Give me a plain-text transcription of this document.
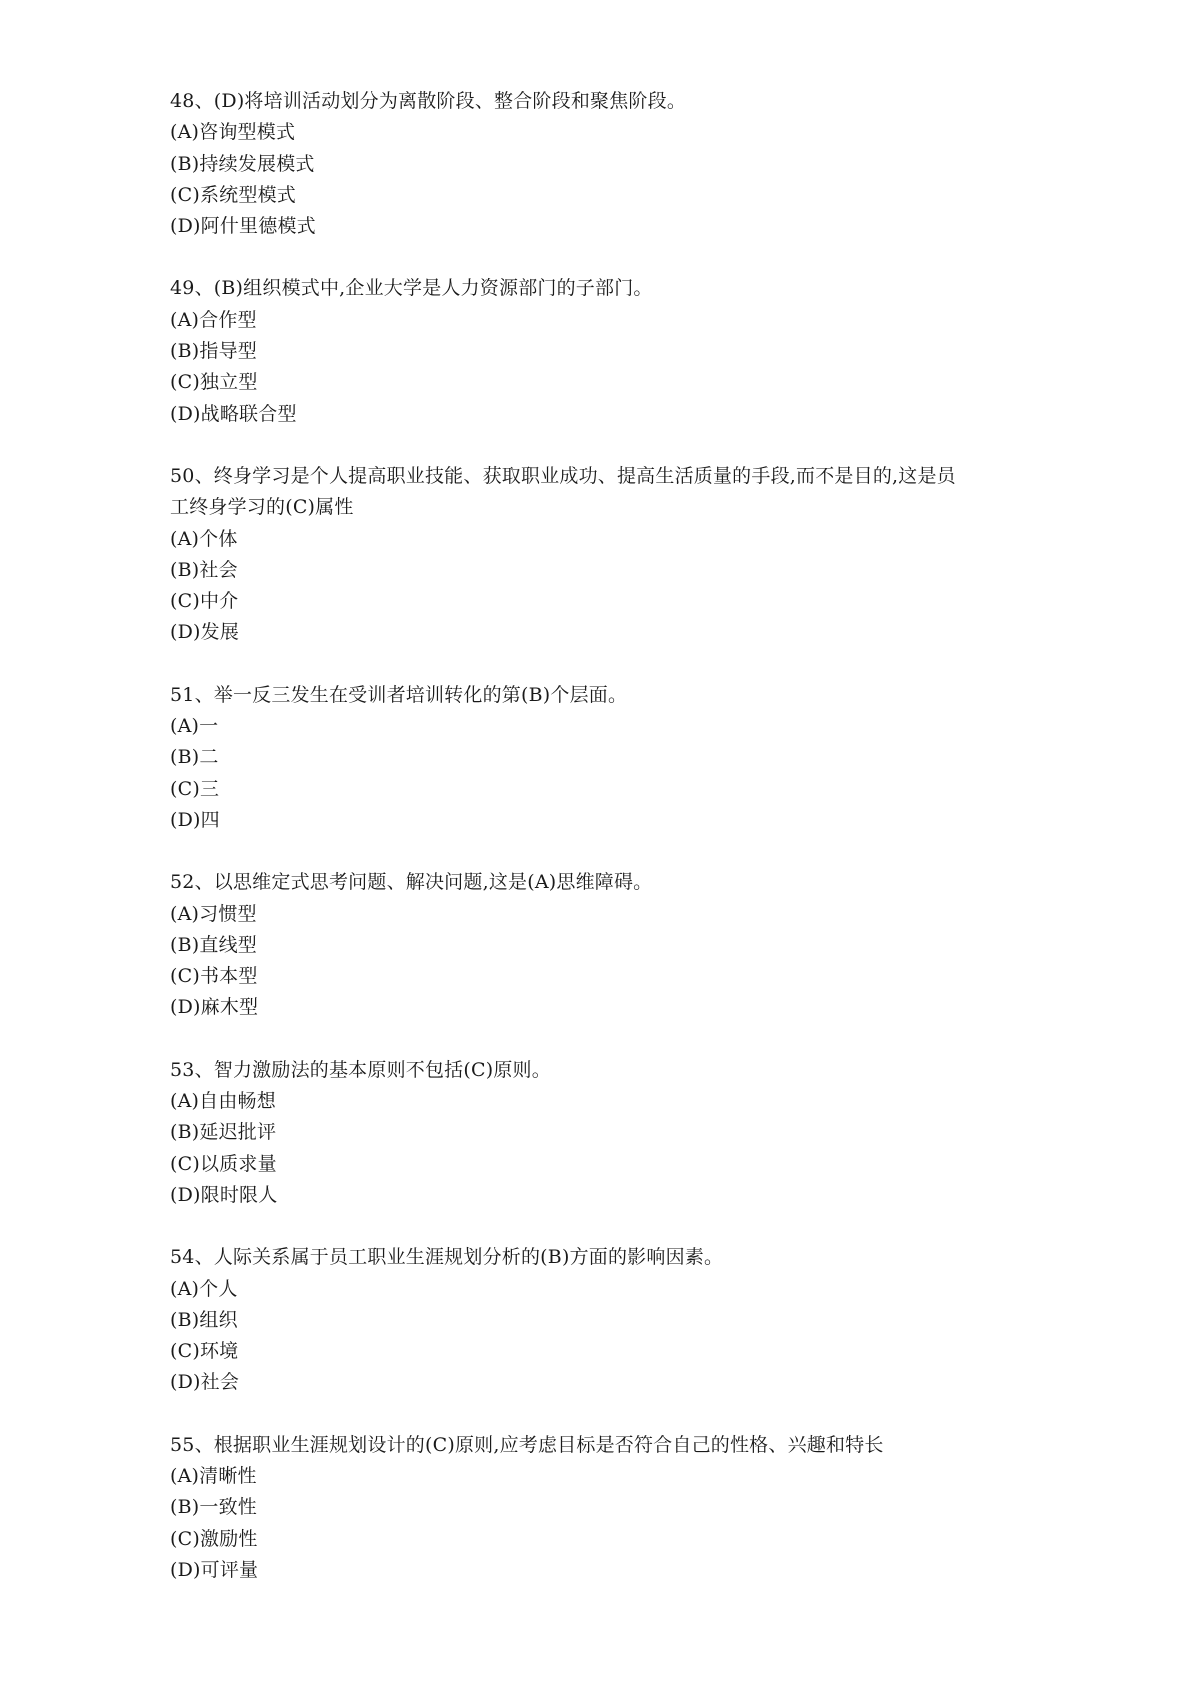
48、(D)将培训活动划分为离散阶段、整合阶段和聚焦阶段。
(A)咨询型模式
(B)持续发展模式
(C)系统型模式
(D)阿什里德模式
49、(B)组织模式中,企业大学是人力资源部门的子部门。
(A)合作型
(B)指导型
(C)独立型
(D)战略联合型
50、终身学习是个人提高职业技能、获取职业成功、提高生活质量的手段,而不是目的,这是员
工终身学习的(C)属性
(A)个体
(B)社会
(C)中介
(D)发展
51、举一反三发生在受训者培训转化的第(B)个层面。
(A)一
(B)二
(C)三
(D)四
52、以思维定式思考问题、解决问题,这是(A)思维障碍。
(A)习惯型
(B)直线型
(C)书本型
(D)麻木型
53、智力激励法的基本原则不包括(C)原则。
(A)自由畅想
(B)延迟批评
(C)以质求量
(D)限时限人
54、人际关系属于员工职业生涯规划分析的(B)方面的影响因素。
(A)个人
(B)组织
(C)环境
(D)社会
55、根据职业生涯规划设计的(C)原则,应考虑目标是否符合自己的性格、兴趣和特长
(A)清晰性
(B)一致性
(C)激励性
(D)可评量
